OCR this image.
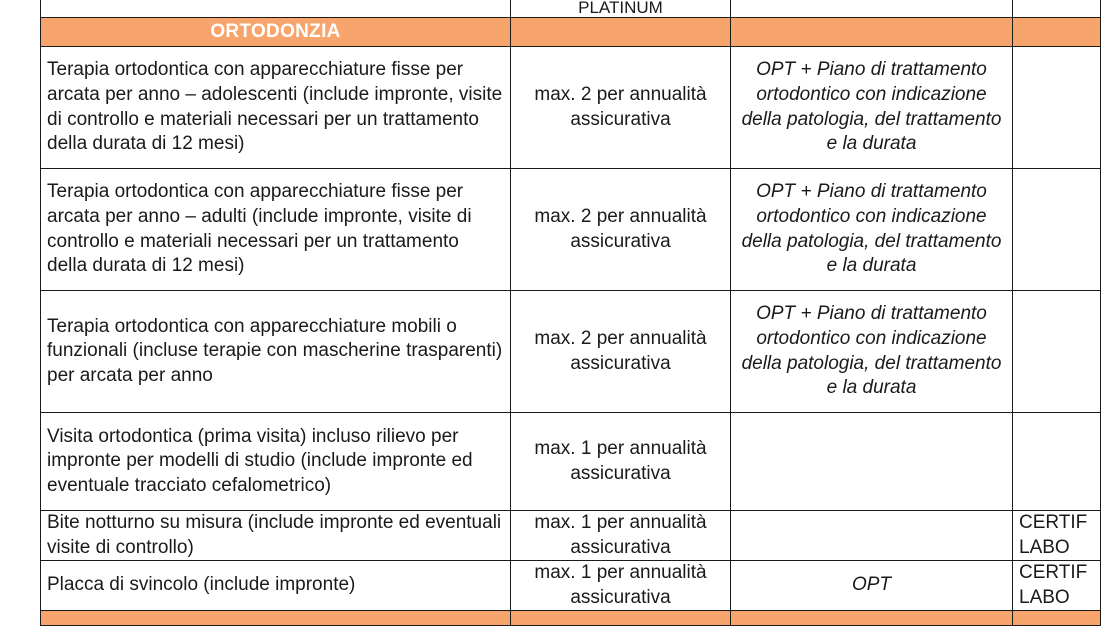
	PLATINUM		
ORTODONZIA			
Terapia ortodontica con apparecchiature fisse per arcata per anno – adolescenti (include impronte, visite di controllo e materiali necessari per un trattamento della durata di 12 mesi)	max. 2 per annualità assicurativa	OPT + Piano di trattamento ortodontico con indicazione della patologia, del trattamento e la durata	
Terapia ortodontica con apparecchiature fisse per arcata per anno – adulti (include impronte, visite di controllo e materiali necessari per un trattamento della durata di 12 mesi)	max. 2 per annualità assicurativa	OPT + Piano di trattamento ortodontico con indicazione della patologia, del trattamento e la durata	
Terapia ortodontica con apparecchiature mobili o funzionali (incluse terapie con mascherine trasparenti) per arcata per anno	max. 2 per annualità assicurativa	OPT + Piano di trattamento ortodontico con indicazione della patologia, del trattamento e la durata	
Visita ortodontica (prima visita) incluso rilievo per impronte per modelli di studio (include impronte ed eventuale tracciato cefalometrico)	max. 1 per annualità assicurativa		
Bite notturno su misura (include impronte ed eventuali visite di controllo)	max. 1 per annualità assicurativa		CERTIF
LABO
Placca di svincolo (include impronte)	max. 1 per annualità assicurativa	OPT	CERTIF
LABO
